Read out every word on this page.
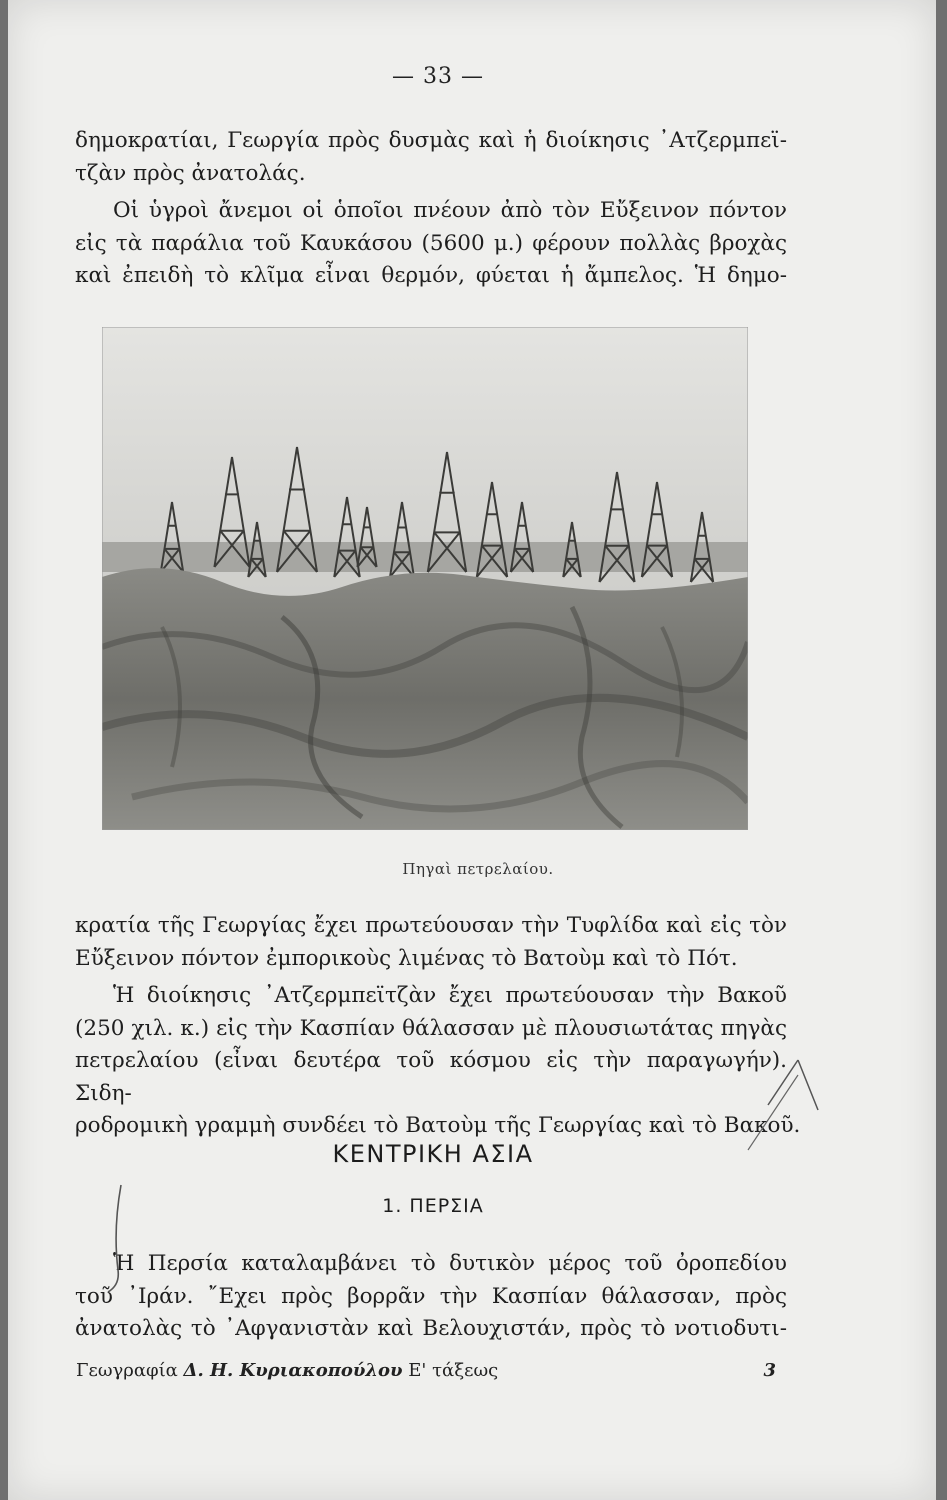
— 33 —
δημοκρατίαι, Γεωργία πρὸς δυσμὰς καὶ ἡ διοίκησις ᾿Ατζερμπεϊ-
τζὰν πρὸς ἀνατολάς.
Οἱ ὑγροὶ ἄνεμοι οἱ ὁποῖοι πνέουν ἀπὸ τὸν Εὔξεινον πόντον
εἰς τὰ παράλια τοῦ Καυκάσου (5600 μ.) φέρουν πολλὰς βροχὰς
καὶ ἐπειδὴ τὸ κλῖμα εἶναι θερμόν, φύεται ἡ ἄμπελος. Ἡ δημο-
Πηγαὶ πετρελαίου.
κρατία τῆς Γεωργίας ἔχει πρωτεύουσαν τὴν Τυφλίδα καὶ εἰς τὸν
Εὔξεινον πόντον ἐμπορικοὺς λιμένας τὸ Βατοὺμ καὶ τὸ Πότ.
Ἡ διοίκησις ᾿Ατζερμπεϊτζὰν ἔχει πρωτεύουσαν τὴν Βακοῦ
(250 χιλ. κ.) εἰς τὴν Κασπίαν θάλασσαν μὲ πλουσιωτάτας πηγὰς
πετρελαίου (εἶναι δευτέρα τοῦ κόσμου εἰς τὴν παραγωγήν). Σιδη-
ροδρομικὴ γραμμὴ συνδέει τὸ Βατοὺμ τῆς Γεωργίας καὶ τὸ Βακοῦ.
ΚΕΝΤΡΙΚΗ ΑΣΙΑ
1. ΠΕΡΣΙΑ
Ἡ Περσία καταλαμβάνει τὸ δυτικὸν μέρος τοῦ ὀροπεδίου
τοῦ ᾿Ιράν. ῎Εχει πρὸς βορρᾶν τὴν Κασπίαν θάλασσαν, πρὸς
ἀνατολὰς τὸ ᾿Αφγανιστὰν καὶ Βελουχιστάν, πρὸς τὸ νοτιοδυτι-
Γεωγραφία Δ. Η. Κυριακοπούλου Ε' τάξεως	3
